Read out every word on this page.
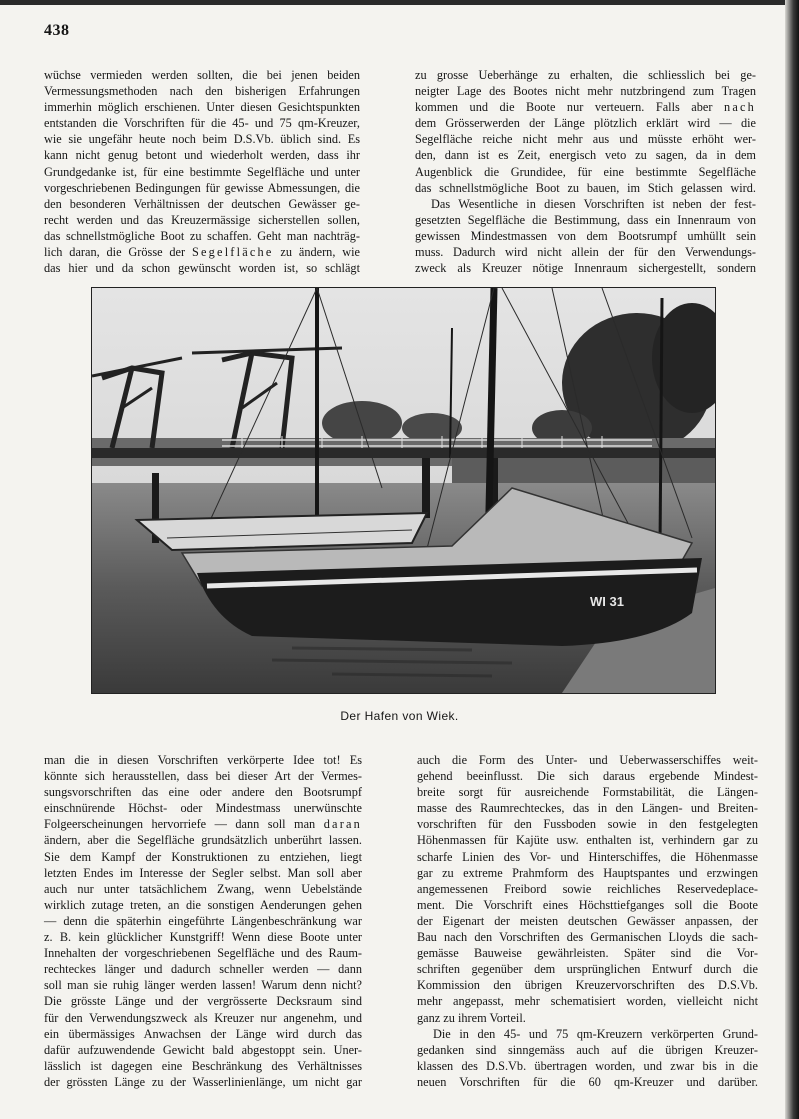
438

wüchse vermieden werden sollten, die bei jenen beiden

Vermessungsmethoden nach den bisherigen Erfahrungen

immerhin möglich erschienen. Unter diesen Gesichtspunkten

entstanden die Vorschriften für die 45- und 75 qm-Kreuzer,

wie sie ungefähr heute noch beim D.S.Vb. üblich sind. Es

kann nicht genug betont und wiederholt werden, dass ihr

Grundgedanke ist, für eine bestimmte Segelfläche und unter

vorgeschriebenen Bedingungen für gewisse Abmessungen, die

den besonderen Verhältnissen der deutschen Gewässer ge-

recht werden und das Kreuzermässige sicherstellen sollen,

das schnellstmögliche Boot zu schaffen. Geht man nachträg-

lich daran, die Grösse der Segelfläche zu ändern, wie

das hier und da schon gewünscht worden ist, so schlägt

zu grosse Ueberhänge zu erhalten, die schliesslich bei ge-

neigter Lage des Bootes nicht mehr nutzbringend zum Tragen

kommen und die Boote nur verteuern. Falls aber nach

dem Grösserwerden der Länge plötzlich erklärt wird — die

Segelfläche reiche nicht mehr aus und müsste erhöht wer-

den, dann ist es Zeit, energisch veto zu sagen, da in dem

Augenblick die Grundidee, für eine bestimmte Segelfläche

das schnellstmögliche Boot zu bauen, im Stich gelassen wird.

Das Wesentliche in diesen Vorschriften ist neben der fest-

gesetzten Segelfläche die Bestimmung, dass ein Innenraum von

gewissen Mindestmassen von dem Bootsrumpf umhüllt sein

muss. Dadurch wird nicht allein der für den Verwendungs-

zweck als Kreuzer nötige Innenraum sichergestellt, sondern

WI 31
Der Hafen von Wiek.

man die in diesen Vorschriften verkörperte Idee tot! Es

könnte sich herausstellen, dass bei dieser Art der Vermes-

sungsvorschriften das eine oder andere den Bootsrumpf

einschnürende Höchst- oder Mindestmass unerwünschte

Folgeerscheinungen hervorriefe — dann soll man daran

ändern, aber die Segelfläche grundsätzlich unberührt lassen.

Sie dem Kampf der Konstruktionen zu entziehen, liegt

letzten Endes im Interesse der Segler selbst. Man soll aber

auch nur unter tatsächlichem Zwang, wenn Uebelstände

wirklich zutage treten, an die sonstigen Aenderungen gehen

— denn die späterhin eingeführte Längenbeschränkung war

z. B. kein glücklicher Kunstgriff! Wenn diese Boote unter

Innehalten der vorgeschriebenen Segelfläche und des Raum-

rechteckes länger und dadurch schneller werden — dann

soll man sie ruhig länger werden lassen! Warum denn nicht?

Die grösste Länge und der vergrösserte Decksraum sind

für den Verwendungszweck als Kreuzer nur angenehm, und

ein übermässiges Anwachsen der Länge wird durch das

dafür aufzuwendende Gewicht bald abgestoppt sein. Uner-

lässlich ist dagegen eine Beschränkung des Verhältnisses

der grössten Länge zu der Wasserlinienlänge, um nicht gar

auch die Form des Unter- und Ueberwasserschiffes weit-

gehend beeinflusst. Die sich daraus ergebende Mindest-

breite sorgt für ausreichende Formstabilität, die Längen-

masse des Raumrechteckes, das in den Längen- und Breiten-

vorschriften für den Fussboden sowie in den festgelegten

Höhenmassen für Kajüte usw. enthalten ist, verhindern gar zu

scharfe Linien des Vor- und Hinterschiffes, die Höhenmasse

gar zu extreme Prahmform des Hauptspantes und erzwingen

angemessenen Freibord sowie reichliches Reservedeplace-

ment. Die Vorschrift eines Höchsttiefganges soll die Boote

der Eigenart der meisten deutschen Gewässer anpassen, der

Bau nach den Vorschriften des Germanischen Lloyds die sach-

gemässe Bauweise gewährleisten. Später sind die Vor-

schriften gegenüber dem ursprünglichen Entwurf durch die

Kommission den übrigen Kreuzervorschriften des D.S.Vb.

mehr angepasst, mehr schematisiert worden, vielleicht nicht

ganz zu ihrem Vorteil.

Die in den 45- und 75 qm-Kreuzern verkörperten Grund-

gedanken sind sinngemäss auch auf die übrigen Kreuzer-

klassen des D.S.Vb. übertragen worden, und zwar bis in die

neuen Vorschriften für die 60 qm-Kreuzer und darüber.
